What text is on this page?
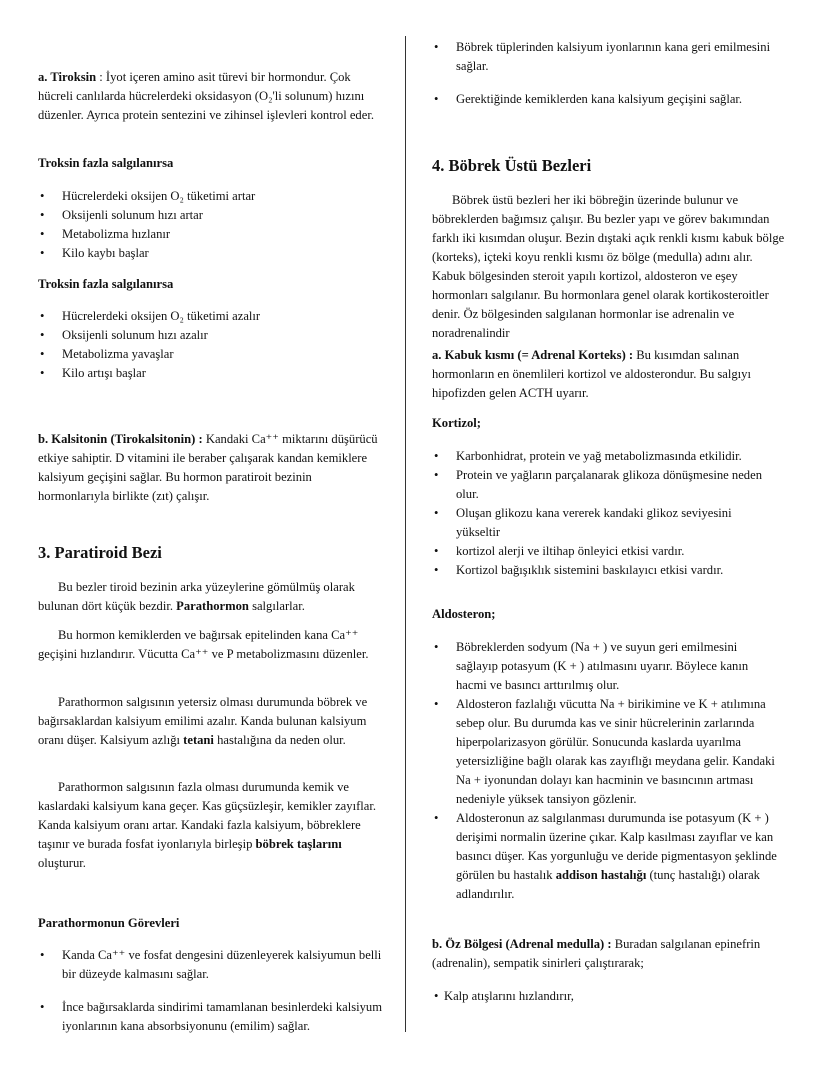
a. Tiroksin : İyot içeren amino asit türevi bir hormondur. Çok hücreli canlılarda hücrelerdeki oksidasyon (O₂'li solunum) hızını düzenler. Ayrıca protein sentezini ve zihinsel işlevleri kontrol eder.

Troksin fazla salgılanırsa

• Hücrelerdeki oksijen O₂ tüketimi artar
• Oksijenli solunum hızı artar
• Metabolizma hızlanır
• Kilo kaybı başlar

Troksin fazla salgılanırsa

• Hücrelerdeki oksijen O₂ tüketimi azalır
• Oksijenli solunum hızı azalır
• Metabolizma yavaşlar
• Kilo artışı başlar

b. Kalsitonin (Tirokalsitonin) : Kandaki Ca⁺⁺ miktarını düşürücü etkiye sahiptir. D vitamini ile beraber çalışarak kandan kemiklere kalsiyum geçişini sağlar. Bu hormon paratiroit bezinin hormonlarıyla birlikte (zıt) çalışır.

3. Paratiroid Bezi

Bu bezler tiroid bezinin arka yüzeylerine gömülmüş olarak bulunan dört küçük bezdir. Parathormon salgılarlar.

Bu hormon kemiklerden ve bağırsak epitelinden kana Ca⁺⁺ geçişini hızlandırır. Vücutta Ca⁺⁺ ve P metabolizmasını düzenler.

Parathormon salgısının yetersiz olması durumunda böbrek ve bağırsaklardan kalsiyum emilimi azalır. Kanda bulunan kalsiyum oranı düşer. Kalsiyum azlığı tetani hastalığına da neden olur.

Parathormon salgısının fazla olması durumunda kemik ve kaslardaki kalsiyum kana geçer. Kas güçsüzleşir, kemikler zayıflar. Kanda kalsiyum oranı artar. Kandaki fazla kalsiyum, böbreklere taşınır ve burada fosfat iyonlarıyla birleşip böbrek taşlarını oluşturur.

Parathormonun Görevleri

• Kanda Ca⁺⁺ ve fosfat dengesini düzenleyerek kalsiyumun belli bir düzeyde kalmasını sağlar.
• İnce bağırsaklarda sindirimi tamamlanan besinlerdeki kalsiyum iyonlarının kana absorbsiyonunu (emilim) sağlar.
• Böbrek tüplerinden kalsiyum iyonlarının kana geri emilmesini sağlar.
• Gerektiğinde kemiklerden kana kalsiyum geçişini sağlar.

4. Böbrek Üstü Bezleri

Böbrek üstü bezleri her iki böbreğin üzerinde bulunur ve böbreklerden bağımsız çalışır. Bu bezler yapı ve görev bakımından farklı iki kısımdan oluşur. Bezin dıştaki açık renkli kısmı kabuk bölge (korteks), içteki koyu renkli kısmı öz bölge (medulla) adını alır. Kabuk bölgesinden steroit yapılı kortizol, aldosteron ve eşey hormonları salgılanır. Bu hormonlara genel olarak kortikosteroitler denir. Öz bölgesinden salgılanan hormonlar ise adrenalin ve noradrenalindir

a. Kabuk kısmı (= Adrenal Korteks) : Bu kısımdan salınan hormonların en önemlileri kortizol ve aldosterondur. Bu salgıyı hipofizden gelen ACTH uyarır.

Kortizol;

• Karbonhidrat, protein ve yağ metabolizmasında etkilidir.
• Protein ve yağların parçalanarak glikoza dönüşmesine neden olur.
• Oluşan glikozu kana vererek kandaki glikoz seviyesini yükseltir
• kortizol alerji ve iltihap önleyici etkisi vardır.
• Kortizol bağışıklık sistemini baskılayıcı etkisi vardır.

Aldosteron;

• Böbreklerden sodyum (Na + ) ve suyun geri emilmesini sağlayıp potasyum (K + ) atılmasını uyarır. Böylece kanın hacmi ve basıncı arttırılmış olur.
• Aldosteron fazlalığı vücutta Na + birikimine ve K + atılımına sebep olur. Bu durumda kas ve sinir hücrelerinin zarlarında hiperpolarizasyon görülür. Sonucunda kaslarda uyarılma yetersizliğine bağlı olarak kas zayıflığı meydana gelir. Kandaki Na + iyonundan dolayı kan hacminin ve basıncının artması nedeniyle yüksek tansiyon gözlenir.
• Aldosteronun az salgılanması durumunda ise potasyum (K + ) derişimi normalin üzerine çıkar. Kalp kasılması zayıflar ve kan basıncı düşer. Kas yorgunluğu ve deride pigmentasyon şeklinde görülen bu hastalık addison hastalığı (tunç hastalığı) olarak adlandırılır.

b. Öz Bölgesi (Adrenal medulla) : Buradan salgılanan epinefrin (adrenalin), sempatik sinirleri çalıştırarak;

• Kalp atışlarını hızlandırır,
